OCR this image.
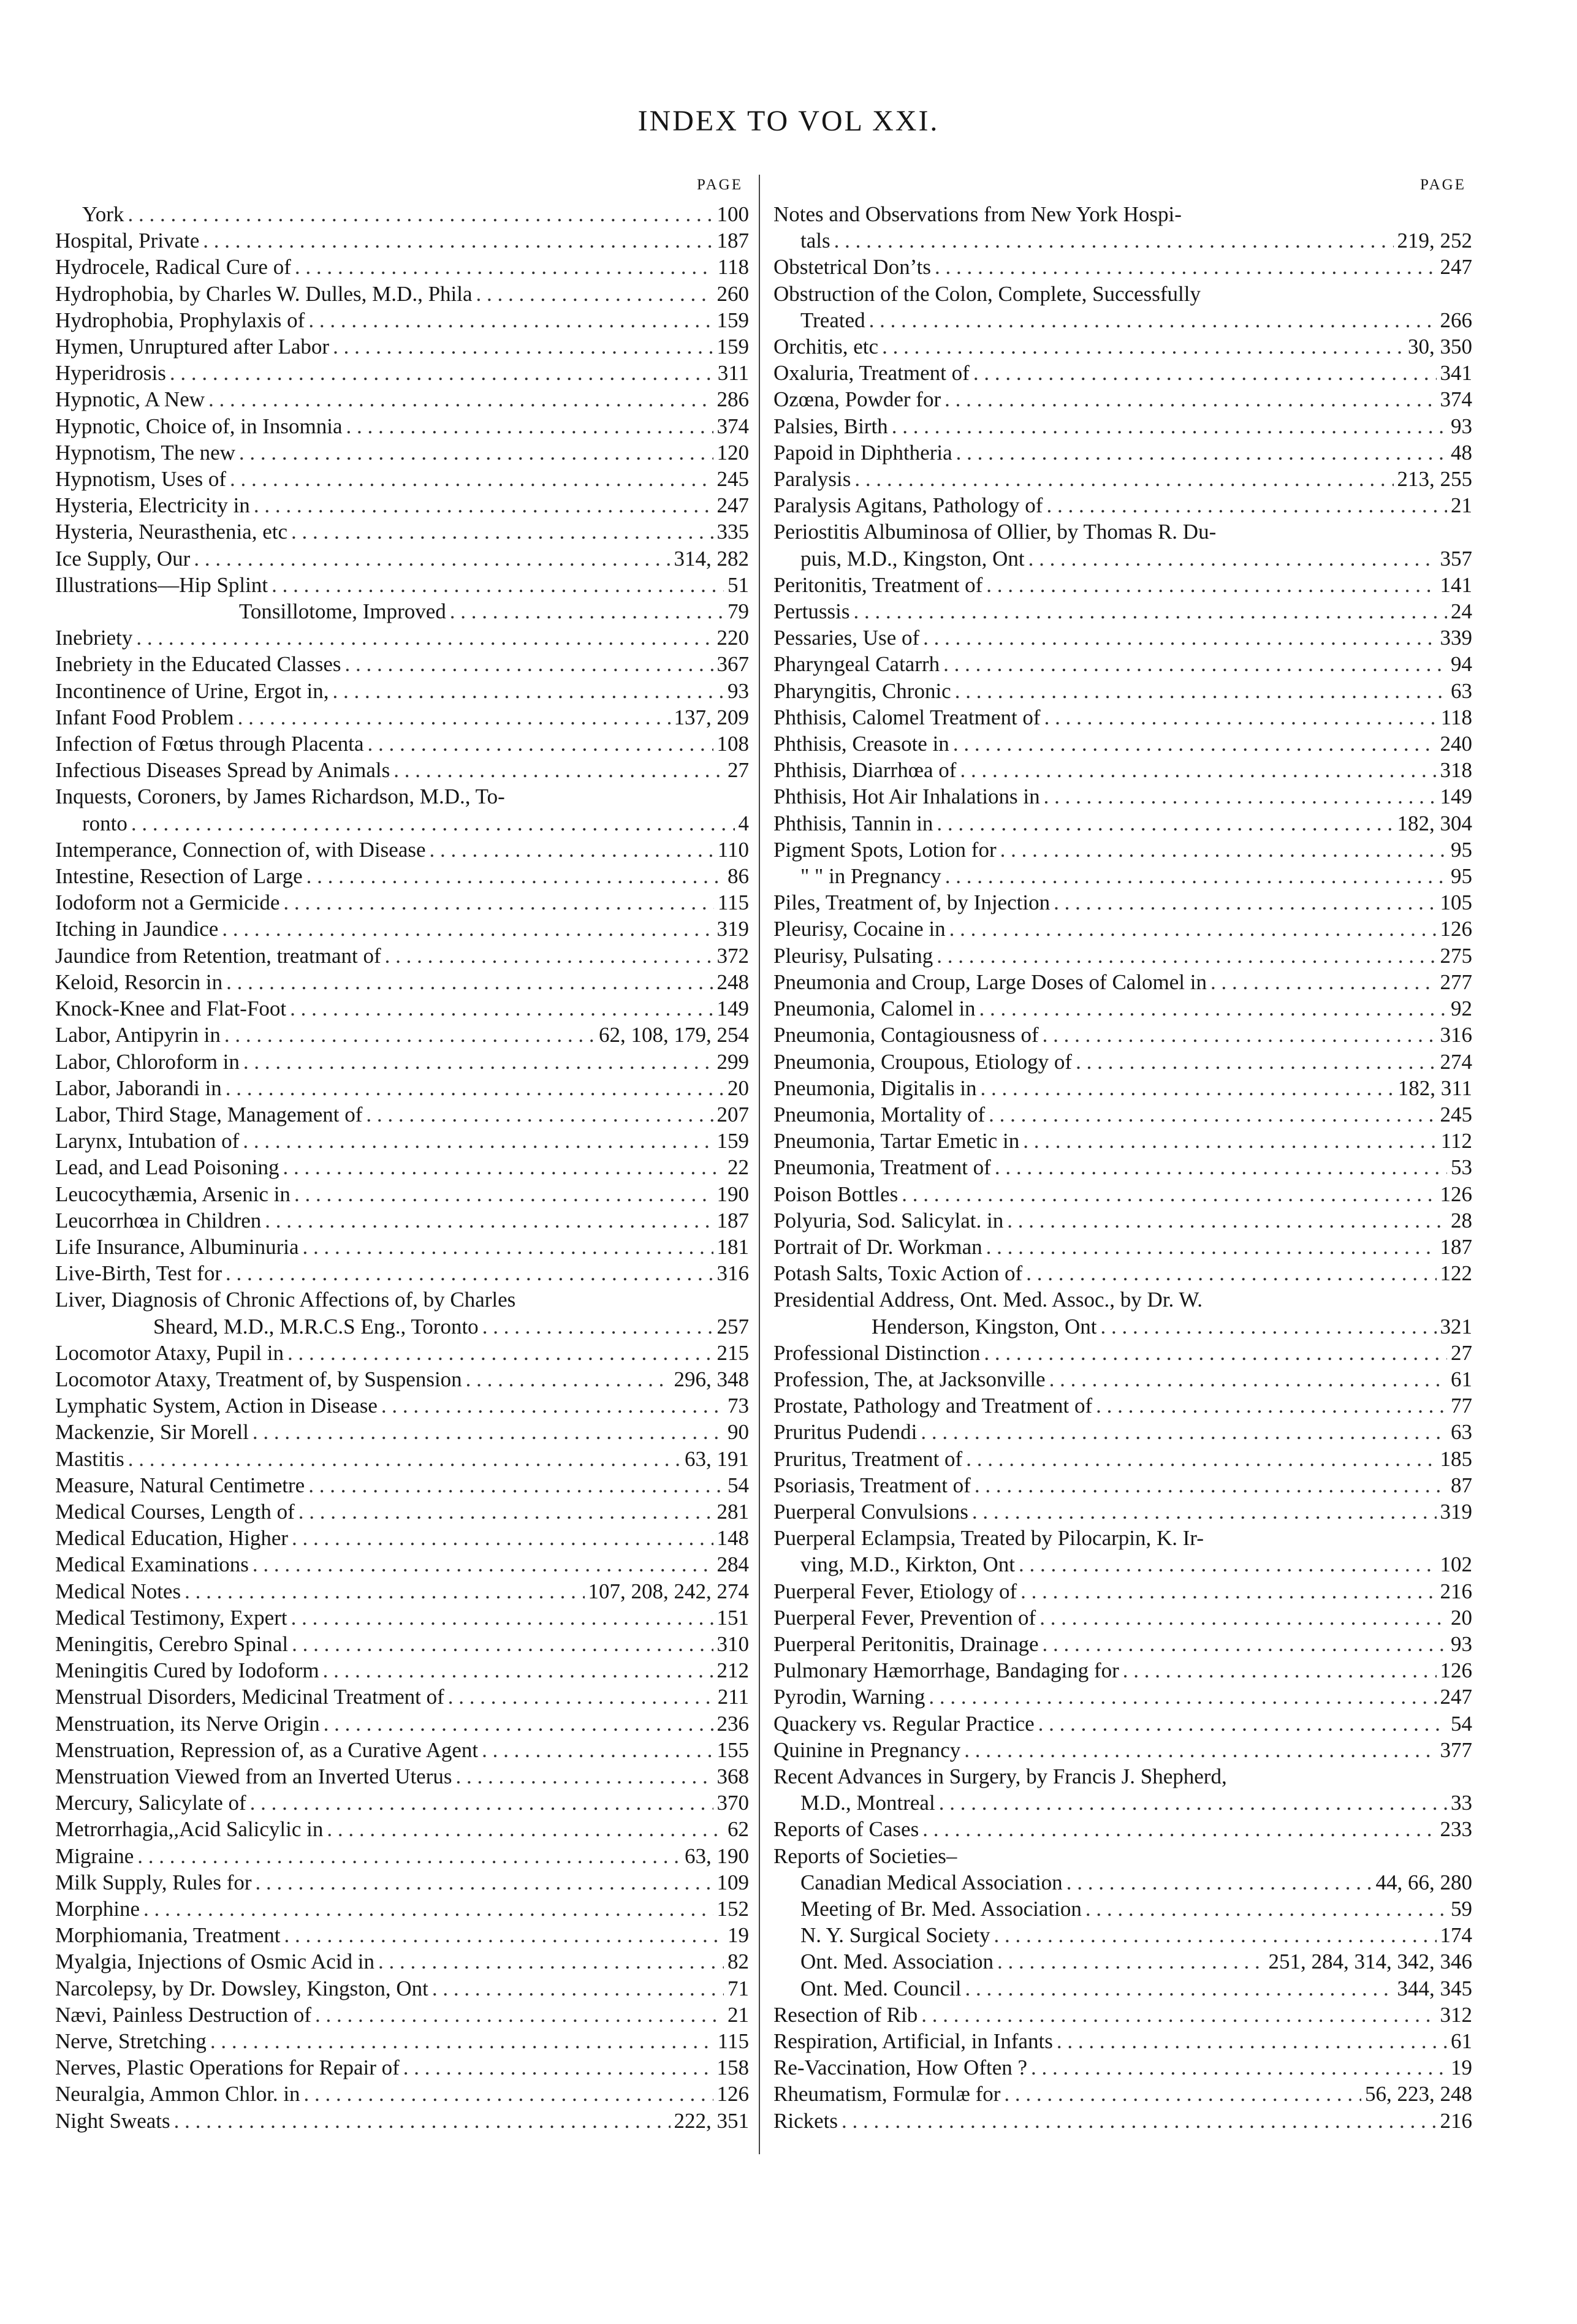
INDEX TO VOL XXI.
PAGE
York . . .	100
Hospital, Private . . .	187
Hydrocele, Radical Cure of . . .	118
Hydrophobia, by Charles W. Dulles, M.D., Phila . . .	260
Hydrophobia, Prophylaxis of . . .	159
Hymen, Unruptured after Labor . . .	159
Hyperidrosis . . .	311
Hypnotic, A New . . .	286
Hypnotic, Choice of, in Insomnia . . .	374
Hypnotism, The new . . .	120
Hypnotism, Uses of . . .	245
Hysteria, Electricity in . . .	247
Hysteria, Neurasthenia, etc . . .	335
Ice Supply, Our . . .	314, 282
Illustrations—Hip Splint . . .	51
Tonsillotome, Improved . . .	79
Inebriety . . .	220
Inebriety in the Educated Classes . . .	367
Incontinence of Urine, Ergot in, . . .	93
Infant Food Problem . . .	137, 209
Infection of Fœtus through Placenta . . .	108
Infectious Diseases Spread by Animals . . .	27
Inquests, Coroners, by James Richardson, M.D., To-
ronto . . .	4
Intemperance, Connection of, with Disease . . .	110
Intestine, Resection of Large . . .	86
Iodoform not a Germicide . . .	115
Itching in Jaundice . . .	319
Jaundice from Retention, treatmant of . . .	372
Keloid, Resorcin in . . .	248
Knock-Knee and Flat-Foot . . .	149
Labor, Antipyrin in . . .	62, 108, 179, 254
Labor, Chloroform in . . .	299
Labor, Jaborandi in . . .	20
Labor, Third Stage, Management of . . .	207
Larynx, Intubation of . . .	159
Lead, and Lead Poisoning . . .	22
Leucocythæmia, Arsenic in . . .	190
Leucorrhœa in Children . . .	187
Life Insurance, Albuminuria . . .	181
Live-Birth, Test for . . .	316
Liver, Diagnosis of Chronic Affections of, by Charles
Sheard, M.D., M.R.C.S Eng., Toronto . . .	257
Locomotor Ataxy, Pupil in . . .	215
Locomotor Ataxy, Treatment of, by Suspension . . .	296, 348
Lymphatic System, Action in Disease . . .	73
Mackenzie, Sir Morell . . .	90
Mastitis . . .	63, 191
Measure, Natural Centimetre . . .	54
Medical Courses, Length of . . .	281
Medical Education, Higher . . .	148
Medical Examinations . . .	284
Medical Notes . . .	107, 208, 242, 274
Medical Testimony, Expert . . .	151
Meningitis, Cerebro Spinal . . .	310
Meningitis Cured by Iodoform . . .	212
Menstrual Disorders, Medicinal Treatment of . . .	211
Menstruation, its Nerve Origin . . .	236
Menstruation, Repression of, as a Curative Agent . . .	155
Menstruation Viewed from an Inverted Uterus . . .	368
Mercury, Salicylate of . . .	370
Metrorrhagia,,Acid Salicylic in . . .	62
Migraine . . .	63, 190
Milk Supply, Rules for . . .	109
Morphine . . .	152
Morphiomania, Treatment . . .	19
Myalgia, Injections of Osmic Acid in . . .	82
Narcolepsy, by Dr. Dowsley, Kingston, Ont . . .	71
Nævi, Painless Destruction of . . .	21
Nerve, Stretching . . .	115
Nerves, Plastic Operations for Repair of . . .	158
Neuralgia, Ammon Chlor. in . . .	126
Night Sweats . . .	222, 351
PAGE
Notes and Observations from New York Hospi-
tals . . .	219, 252
Obstetrical Don’ts . . .	247
Obstruction of the Colon, Complete, Successfully
Treated . . .	266
Orchitis, etc . . .	30, 350
Oxaluria, Treatment of . . .	341
Ozœna, Powder for . . .	374
Palsies, Birth . . .	93
Papoid in Diphtheria . . .	48
Paralysis . . .	213, 255
Paralysis Agitans, Pathology of . . .	21
Periostitis Albuminosa of Ollier, by Thomas R. Du-
puis, M.D., Kingston, Ont . . .	357
Peritonitis, Treatment of . . .	141
Pertussis . . .	24
Pessaries, Use of . . .	339
Pharyngeal Catarrh . . .	94
Pharyngitis, Chronic . . .	63
Phthisis, Calomel Treatment of . . .	118
Phthisis, Creasote in . . .	240
Phthisis, Diarrhœa of . . .	318
Phthisis, Hot Air Inhalations in . . .	149
Phthisis, Tannin in . . .	182, 304
Pigment Spots, Lotion for . . .	95
" " in Pregnancy . . .	95
Piles, Treatment of, by Injection . . .	105
Pleurisy, Cocaine in . . .	126
Pleurisy, Pulsating . . .	275
Pneumonia and Croup, Large Doses of Calomel in . . .	277
Pneumonia, Calomel in . . .	92
Pneumonia, Contagiousness of . . .	316
Pneumonia, Croupous, Etiology of . . .	274
Pneumonia, Digitalis in . . .	182, 311
Pneumonia, Mortality of . . .	245
Pneumonia, Tartar Emetic in . . .	112
Pneumonia, Treatment of . . .	53
Poison Bottles . . .	126
Polyuria, Sod. Salicylat. in . . .	28
Portrait of Dr. Workman . . .	187
Potash Salts, Toxic Action of . . .	122
Presidential Address, Ont. Med. Assoc., by Dr. W.
Henderson, Kingston, Ont . . .	321
Professional Distinction . . .	27
Profession, The, at Jacksonville . . .	61
Prostate, Pathology and Treatment of . . .	77
Pruritus Pudendi . . .	63
Pruritus, Treatment of . . .	185
Psoriasis, Treatment of . . .	87
Puerperal Convulsions . . .	319
Puerperal Eclampsia, Treated by Pilocarpin, K. Ir-
ving, M.D., Kirkton, Ont . . .	102
Puerperal Fever, Etiology of . . .	216
Puerperal Fever, Prevention of . . .	20
Puerperal Peritonitis, Drainage . . .	93
Pulmonary Hæmorrhage, Bandaging for . . .	126
Pyrodin, Warning . . .	247
Quackery vs. Regular Practice . . .	54
Quinine in Pregnancy . . .	377
Recent Advances in Surgery, by Francis J. Shepherd,
M.D., Montreal . . .	33
Reports of Cases . . .	233
Reports of Societies–
Canadian Medical Association . . .	44, 66, 280
Meeting of Br. Med. Association . . .	59
N. Y. Surgical Society . . .	174
Ont. Med. Association . . .	251, 284, 314, 342, 346
Ont. Med. Council . . .	344, 345
Resection of Rib . . .	312
Respiration, Artificial, in Infants . . .	61
Re-Vaccination, How Often ? . . .	19
Rheumatism, Formulæ for . . .	56, 223, 248
Rickets . . .	216
